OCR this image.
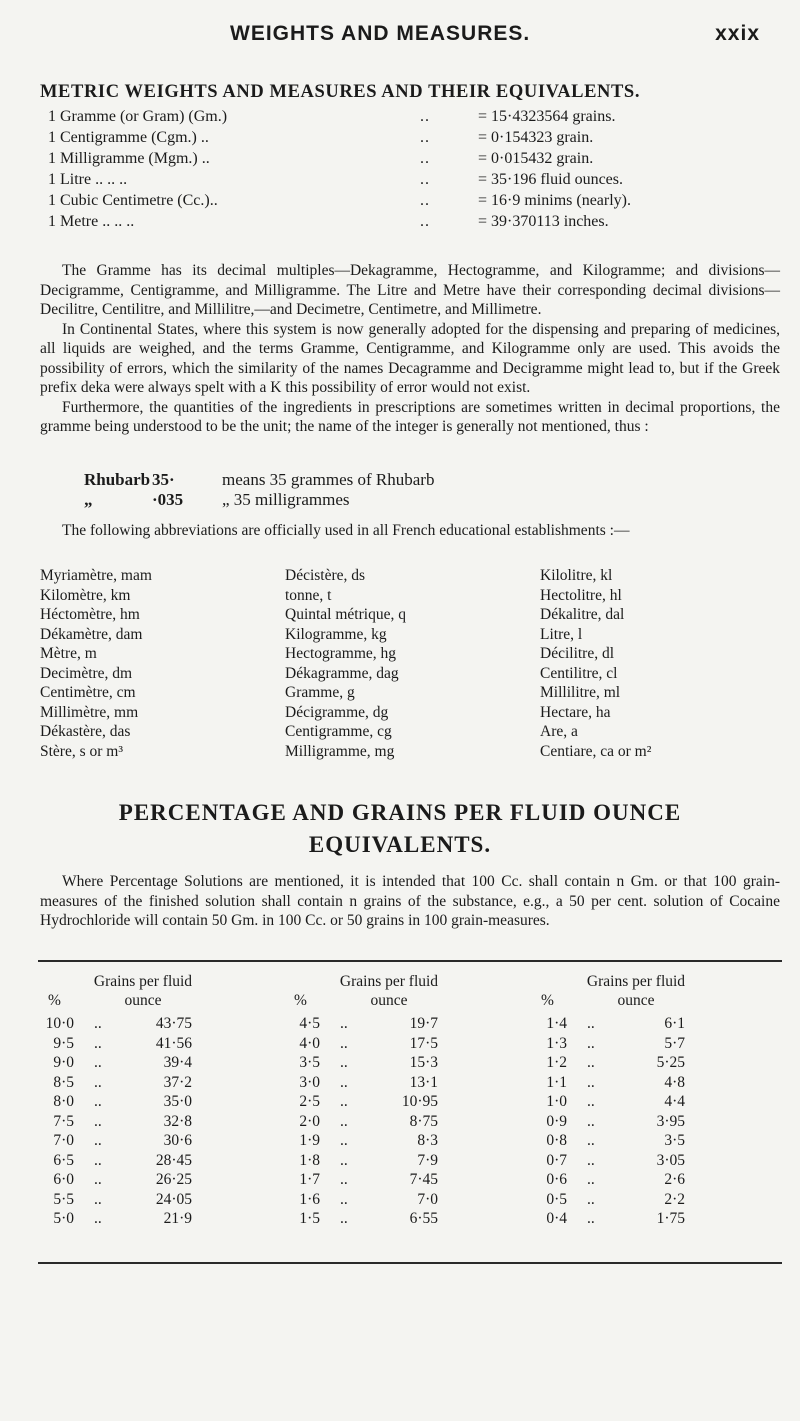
WEIGHTS AND MEASURES.	xxix
METRIC WEIGHTS AND MEASURES AND THEIR EQUIVALENTS.
1 Gramme (or Gram) (Gm.)	..	= 15·4323564 grains.
1 Centigramme (Cgm.) ..	..	= 0·154323 grain.
1 Milligramme (Mgm.) ..	..	= 0·015432 grain.
1 Litre .. .. ..	..	= 35·196 fluid ounces.
1 Cubic Centimetre (Cc.)..	..	= 16·9 minims (nearly).
1 Metre .. .. ..	..	= 39·370113 inches.

The Gramme has its decimal multiples—Dekagramme, Hectogramme, and Kilogramme; and divisions—Decigramme, Centigramme, and Milligramme. The Litre and Metre have their corresponding decimal divisions—Decilitre, Centilitre, and Millilitre,—and Decimetre, Centimetre, and Millimetre.

In Continental States, where this system is now generally adopted for the dispensing and preparing of medicines, all liquids are weighed, and the terms Gramme, Centigramme, and Kilogramme only are used. This avoids the possibility of errors, which the similarity of the names Decagramme and Decigramme might lead to, but if the Greek prefix deka were always spelt with a K this possibility of error would not exist.

Furthermore, the quantities of the ingredients in prescriptions are sometimes written in decimal proportions, the gramme being understood to be the unit; the name of the integer is generally not mentioned, thus :

Rhubarb 35·	means 35 grammes of Rhubarb
„	·035 „ 35 milligrammes

The following abbreviations are officially used in all French educational establishments :—

Myriamètre, mam
Kilomètre, km
Héctomètre, hm
Dékamètre, dam
Mètre, m
Decimètre, dm
Centimètre, cm
Millimètre, mm
Dékastère, das
Stère, s or m³
Décistère, ds
tonne, t
Quintal métrique, q
Kilogramme, kg
Hectogramme, hg
Dékagramme, dag
Gramme, g
Décigramme, dg
Centigramme, cg
Milligramme, mg
Kilolitre, kl
Hectolitre, hl
Dékalitre, dal
Litre, l
Décilitre, dl
Centilitre, cl
Millilitre, ml
Hectare, ha
Are, a
Centiare, ca or m²
PERCENTAGE AND GRAINS PER FLUID OUNCE
EQUIVALENTS.

Where Percentage Solutions are mentioned, it is intended that 100 Cc. shall contain n Gm. or that 100 grain-measures of the finished solution shall contain n grains of the substance, e.g., a 50 per cent. solution of Cocaine Hydrochloride will contain 50 Gm. in 100 Cc. or 50 grains in 100 grain-measures.

%
Grains per fluid ounce
10·0 ..	43·75
9·5 ..	41·56
9·0 ..	39·4
8·5 ..	37·2
8·0 ..	35·0
7·5 ..	32·8
7·0 ..	30·6
6·5 ..	28·45
6·0 ..	26·25
5·5 ..	24·05
5·0 ..	21·9
%
Grains per fluid ounce
4·5 ..	19·7
4·0 ..	17·5
3·5 ..	15·3
3·0 ..	13·1
2·5 ..	10·95
2·0 ..	8·75
1·9 ..	8·3
1·8 ..	7·9
1·7 ..	7·45
1·6 ..	7·0
1·5 ..	6·55
%
Grains per fluid ounce
1·4 ..	6·1
1·3 ..	5·7
1·2 ..	5·25
1·1 ..	4·8
1·0 ..	4·4
0·9 ..	3·95
0·8 ..	3·5
0·7 ..	3·05
0·6 ..	2·6
0·5 ..	2·2
0·4 ..	1·75
